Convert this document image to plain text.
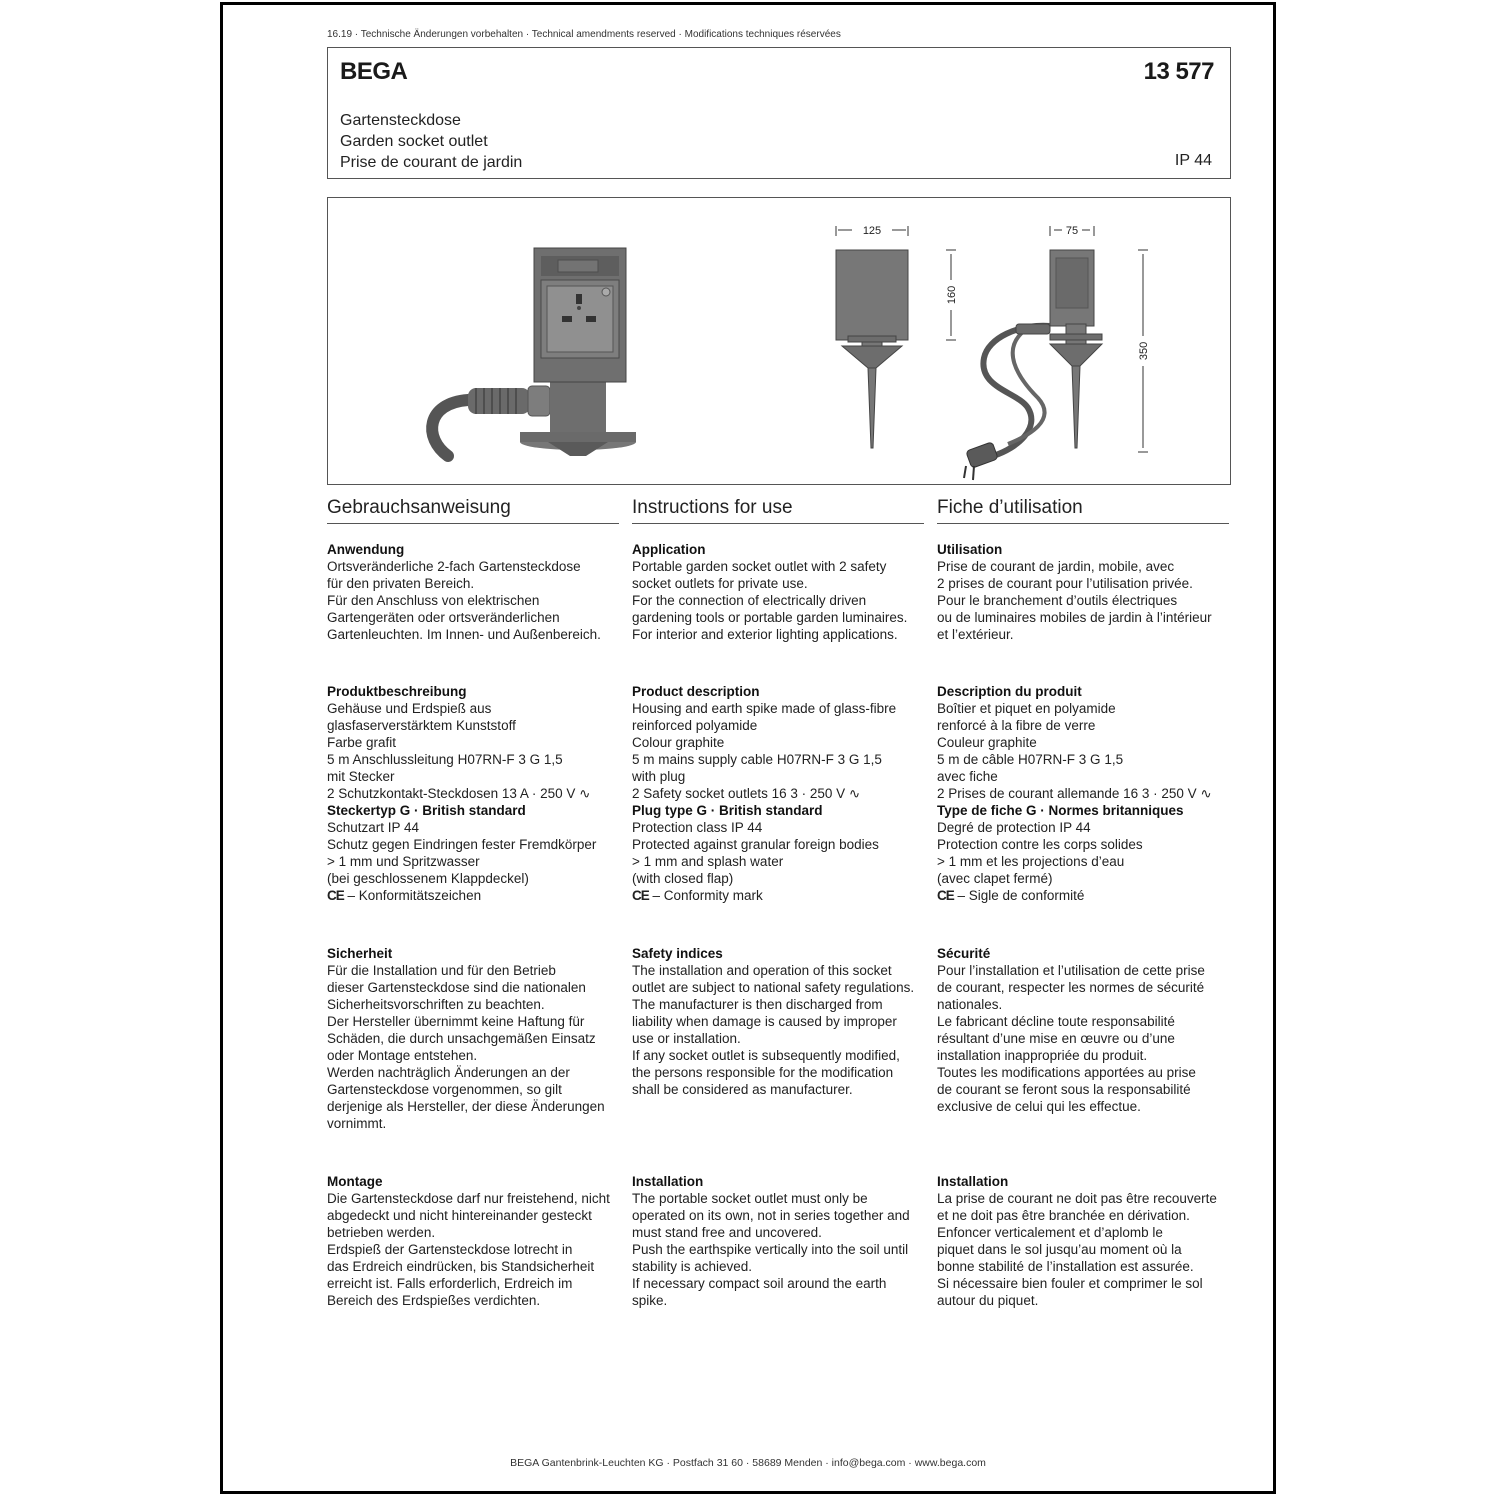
16.19 · Technische Änderungen vorbehalten · Technical amendments reserved · Modifications techniques réservées
BEGA	13 577
Gartensteckdose
Garden socket outlet
Prise de courant de jardin	IP 44
125	75
160
350
Gebrauchsanweisung

Anwendung

Ortsveränderliche 2-fach Gartensteckdose

für den privaten Bereich.

Für den Anschluss von elektrischen

Gartengeräten oder ortsveränderlichen

Gartenleuchten. Im Innen- und Außenbereich.

Produktbeschreibung

Gehäuse und Erdspieß aus

glasfaserverstärktem Kunststoff

Farbe grafit

5 m Anschlussleitung H07RN-F 3 G 1,5

mit Stecker

2 Schutzkontakt-Steckdosen 13 A · 250 V ∿

Steckertyp G · British standard

Schutzart IP 44

Schutz gegen Eindringen fester Fremdkörper

> 1 mm und Spritzwasser

(bei geschlossenem Klappdeckel)

CE – Konformitätszeichen

Sicherheit

Für die Installation und für den Betrieb

dieser Gartensteckdose sind die nationalen

Sicherheitsvorschriften zu beachten.

Der Hersteller übernimmt keine Haftung für

Schäden, die durch unsachgemäßen Einsatz

oder Montage entstehen.

Werden nachträglich Änderungen an der

Gartensteckdose vorgenommen, so gilt

derjenige als Hersteller, der diese Änderungen

vornimmt.

Montage

Die Gartensteckdose darf nur freistehend, nicht

abgedeckt und nicht hintereinander gesteckt

betrieben werden.

Erdspieß der Gartensteckdose lotrecht in

das Erdreich eindrücken, bis Standsicherheit

erreicht ist. Falls erforderlich, Erdreich im

Bereich des Erdspießes verdichten.

Instructions for use

Application

Portable garden socket outlet with 2 safety

socket outlets for private use.

For the connection of electrically driven

gardening tools or portable garden luminaires.

For interior and exterior lighting applications.

Product description

Housing and earth spike made of glass-fibre

reinforced polyamide

Colour graphite

5 m mains supply cable H07RN-F 3 G 1,5

with plug

2 Safety socket outlets 16 3 · 250 V ∿

Plug type G · British standard

Protection class IP 44

Protected against granular foreign bodies

> 1 mm and splash water

(with closed flap)

CE – Conformity mark

Safety indices

The installation and operation of this socket

outlet are subject to national safety regulations.

The manufacturer is then discharged from

liability when damage is caused by improper

use or installation.

If any socket outlet is subsequently modified,

the persons responsible for the modification

shall be considered as manufacturer.

Installation

The portable socket outlet must only be

operated on its own, not in series together and

must stand free and uncovered.

Push the earthspike vertically into the soil until

stability is achieved.

If necessary compact soil around the earth

spike.

Fiche d’utilisation

Utilisation

Prise de courant de jardin, mobile, avec

2 prises de courant pour l’utilisation privée.

Pour le branchement d’outils électriques

ou de luminaires mobiles de jardin à l’intérieur

et l’extérieur.

Description du produit

Boîtier et piquet en polyamide

renforcé à la fibre de verre

Couleur graphite

5 m de câble H07RN-F 3 G 1,5

avec fiche

2 Prises de courant allemande 16 3 · 250 V ∿

Type de fiche G · Normes britanniques

Degré de protection IP 44

Protection contre les corps solides

> 1 mm et les projections d’eau

(avec clapet fermé)

CE – Sigle de conformité

Sécurité

Pour l’installation et l’utilisation de cette prise

de courant, respecter les normes de sécurité

nationales.

Le fabricant décline toute responsabilité

résultant d’une mise en œuvre ou d’une

installation inappropriée du produit.

Toutes les modifications apportées au prise

de courant se feront sous la responsabilité

exclusive de celui qui les effectue.

Installation

La prise de courant ne doit pas être recouverte

et ne doit pas être branchée en dérivation.

Enfoncer verticalement et d’aplomb le

piquet dans le sol jusqu’au moment où la

bonne stabilité de l’installation est assurée.

Si nécessaire bien fouler et comprimer le sol

autour du piquet.

BEGA Gantenbrink-Leuchten KG · Postfach 31 60 · 58689 Menden · info@bega.com · www.bega.com
